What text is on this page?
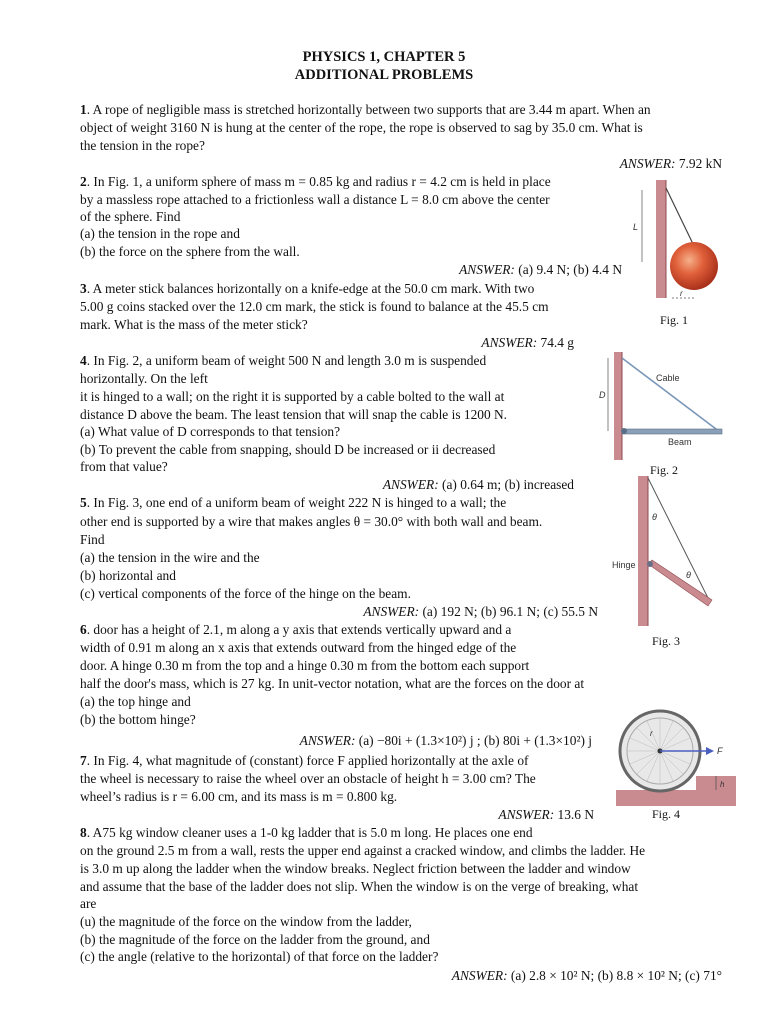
PHYSICS 1, CHAPTER 5
ADDITIONAL PROBLEMS
1. A rope of negligible mass is stretched horizontally between two supports that are 3.44 m apart. When an
object of weight 3160 N is hung at the center of the rope, the rope is observed to sag by 35.0 cm. What is
the tension in the rope?
ANSWER: 7.92 kN
2. In Fig. 1, a uniform sphere of mass m = 0.85 kg and radius r = 4.2 cm is held in place
by a massless rope attached to a frictionless wall a distance L = 8.0 cm above the center
of the sphere. Find
(a) the tension in the rope and
(b) the force on the sphere from the wall.
ANSWER: (a) 9.4 N; (b) 4.4 N
3. A meter stick balances horizontally on a knife-edge at the 50.0 cm mark. With two
5.00 g coins stacked over the 12.0 cm mark, the stick is found to balance at the 45.5 cm
mark. What is the mass of the meter stick?
ANSWER: 74.4 g
4. In Fig. 2, a uniform beam of weight 500 N and length 3.0 m is suspended
horizontally. On the left
it is hinged to a wall; on the right it is supported by a cable bolted to the wall at
distance D above the beam. The least tension that will snap the cable is 1200 N.
(a) What value of D corresponds to that tension?
(b) To prevent the cable from snapping, should D be increased or ii decreased
from that value?
ANSWER: (a) 0.64 m; (b) increased
5. In Fig. 3, one end of a uniform beam of weight 222 N is hinged to a wall; the
other end is supported by a wire that makes angles θ = 30.0° with both wall and beam.
Find
(a) the tension in the wire and the
(b) horizontal and
(c) vertical components of the force of the hinge on the beam.
ANSWER: (a) 192 N; (b) 96.1 N; (c) 55.5 N
6. door has a height of 2.1, m along a y axis that extends vertically upward and a
width of 0.91 m along an x axis that extends outward from the hinged edge of the
door. A hinge 0.30 m from the top and a hinge 0.30 m from the bottom each support
half the door's mass, which is 27 kg. In unit-vector notation, what are the forces on the door at
(a) the top hinge and
(b) the bottom hinge?
ANSWER: (a) −80i + (1.3×10²) j ; (b) 80i + (1.3×10²) j
7. In Fig. 4, what magnitude of (constant) force F applied horizontally at the axle of
the wheel is necessary to raise the wheel over an obstacle of height h = 3.00 cm? The
wheel’s radius is r = 6.00 cm, and its mass is m = 0.800 kg.
ANSWER: 13.6 N
8. A75 kg window cleaner uses a 1-0 kg ladder that is 5.0 m long. He places one end
on the ground 2.5 m from a wall, rests the upper end against a cracked window, and climbs the ladder. He
is 3.0 m up along the ladder when the window breaks. Neglect friction between the ladder and window
and assume that the base of the ladder does not slip. When the window is on the verge of breaking, what
are
(u) the magnitude of the force on the window from the ladder,
(b) the magnitude of the force on the ladder from the ground, and
(c) the angle (relative to the horizontal) of that force on the ladder?
ANSWER: (a) 2.8 × 10² N; (b) 8.8 × 10² N; (c) 71°
L
r
Fig. 1
D
Cable
Beam
Fig. 2
Hinge
θ
θ
Fig. 3
F
h
r
Fig. 4
